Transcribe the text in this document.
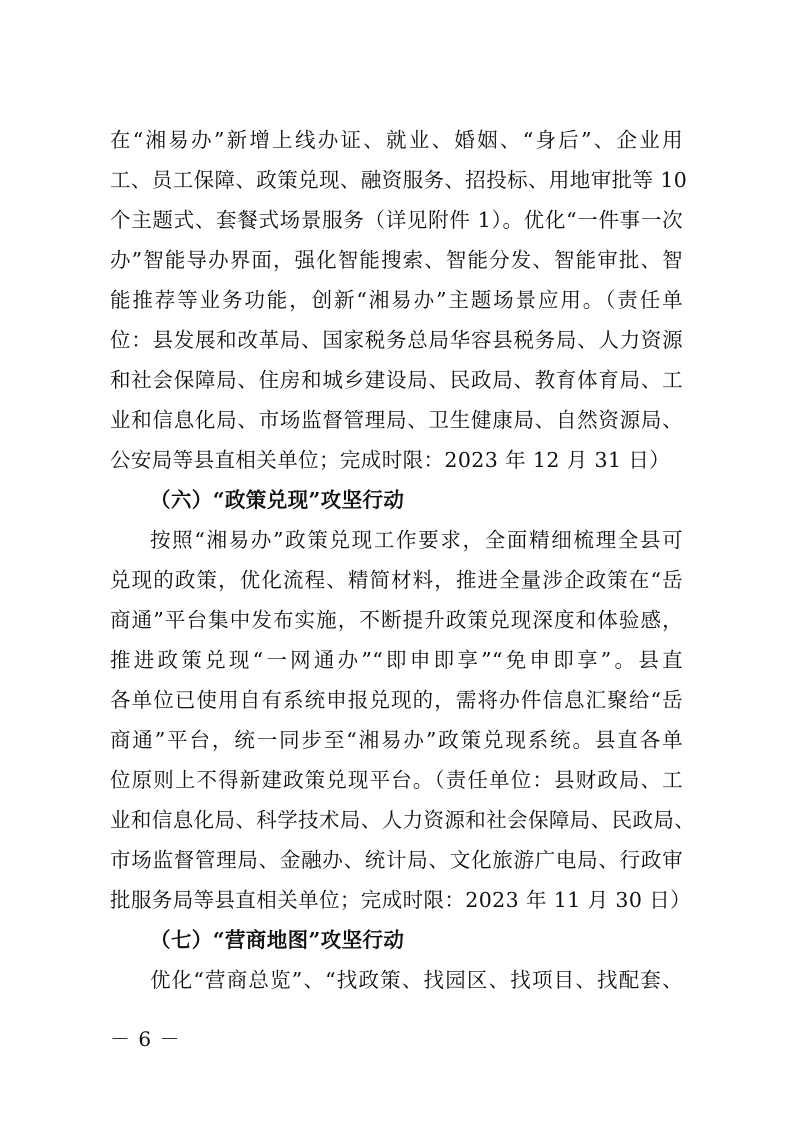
在“湘易办”新增上线办证、就业、婚姻、“身后”、企业用
工、员工保障、政策兑现、融资服务、招投标、用地审批等 10
个主题式、套餐式场景服务（详见附件 1）。优化“一件事一次
办”智能导办界面，强化智能搜索、智能分发、智能审批、智
能推荐等业务功能，创新“湘易办”主题场景应用。（责任单
位：县发展和改革局、国家税务总局华容县税务局、人力资源
和社会保障局、住房和城乡建设局、民政局、教育体育局、工
业和信息化局、市场监督管理局、卫生健康局、自然资源局、
公安局等县直相关单位；完成时限：2023 年 12 月 31 日）
（六）“政策兑现”攻坚行动
按照“湘易办”政策兑现工作要求，全面精细梳理全县可
兑现的政策，优化流程、精简材料，推进全量涉企政策在“岳
商通”平台集中发布实施，不断提升政策兑现深度和体验感，
推进政策兑现“一网通办”“即申即享”“免申即享”。县直
各单位已使用自有系统申报兑现的，需将办件信息汇聚给“岳
商通”平台，统一同步至“湘易办”政策兑现系统。县直各单
位原则上不得新建政策兑现平台。（责任单位：县财政局、工
业和信息化局、科学技术局、人力资源和社会保障局、民政局、
市场监督管理局、金融办、统计局、文化旅游广电局、行政审
批服务局等县直相关单位；完成时限：2023 年 11 月 30 日）
（七）“营商地图”攻坚行动
优化“营商总览”、“找政策、找园区、找项目、找配套、
－ 6 －
